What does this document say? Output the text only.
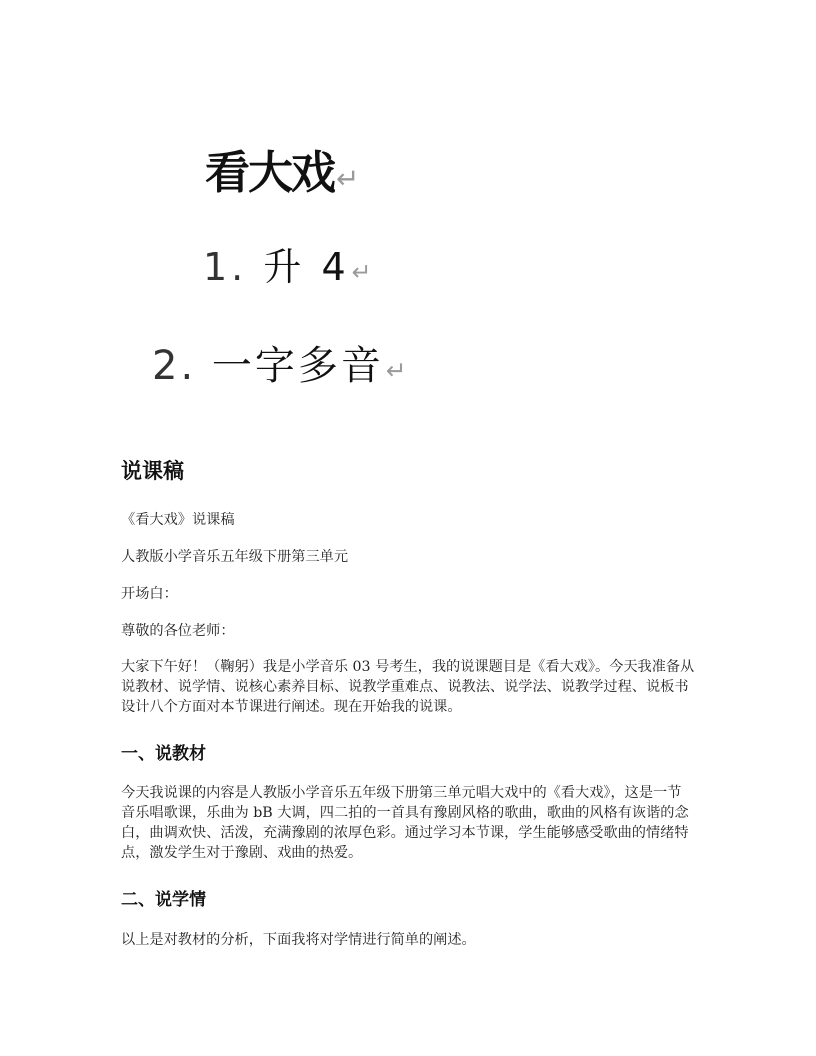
看大戏↵
1. 升 4↵
2. 一字多音↵
说课稿

《看大戏》说课稿

人教版小学音乐五年级下册第三单元

开场白：

尊敬的各位老师：

大家下午好！（鞠躬）我是小学音乐 03 号考生，我的说课题目是《看大戏》。今天我准备从说教材、说学情、说核心素养目标、说教学重难点、说教法、说学法、说教学过程、说板书设计八个方面对本节课进行阐述。现在开始我的说课。

一、说教材

今天我说课的内容是人教版小学音乐五年级下册第三单元唱大戏中的《看大戏》，这是一节音乐唱歌课，乐曲为 bB 大调，四二拍的一首具有豫剧风格的歌曲，歌曲的风格有诙谐的念白，曲调欢快、活泼，充满豫剧的浓厚色彩。通过学习本节课，学生能够感受歌曲的情绪特点，激发学生对于豫剧、戏曲的热爱。

二、说学情

以上是对教材的分析，下面我将对学情进行简单的阐述。
